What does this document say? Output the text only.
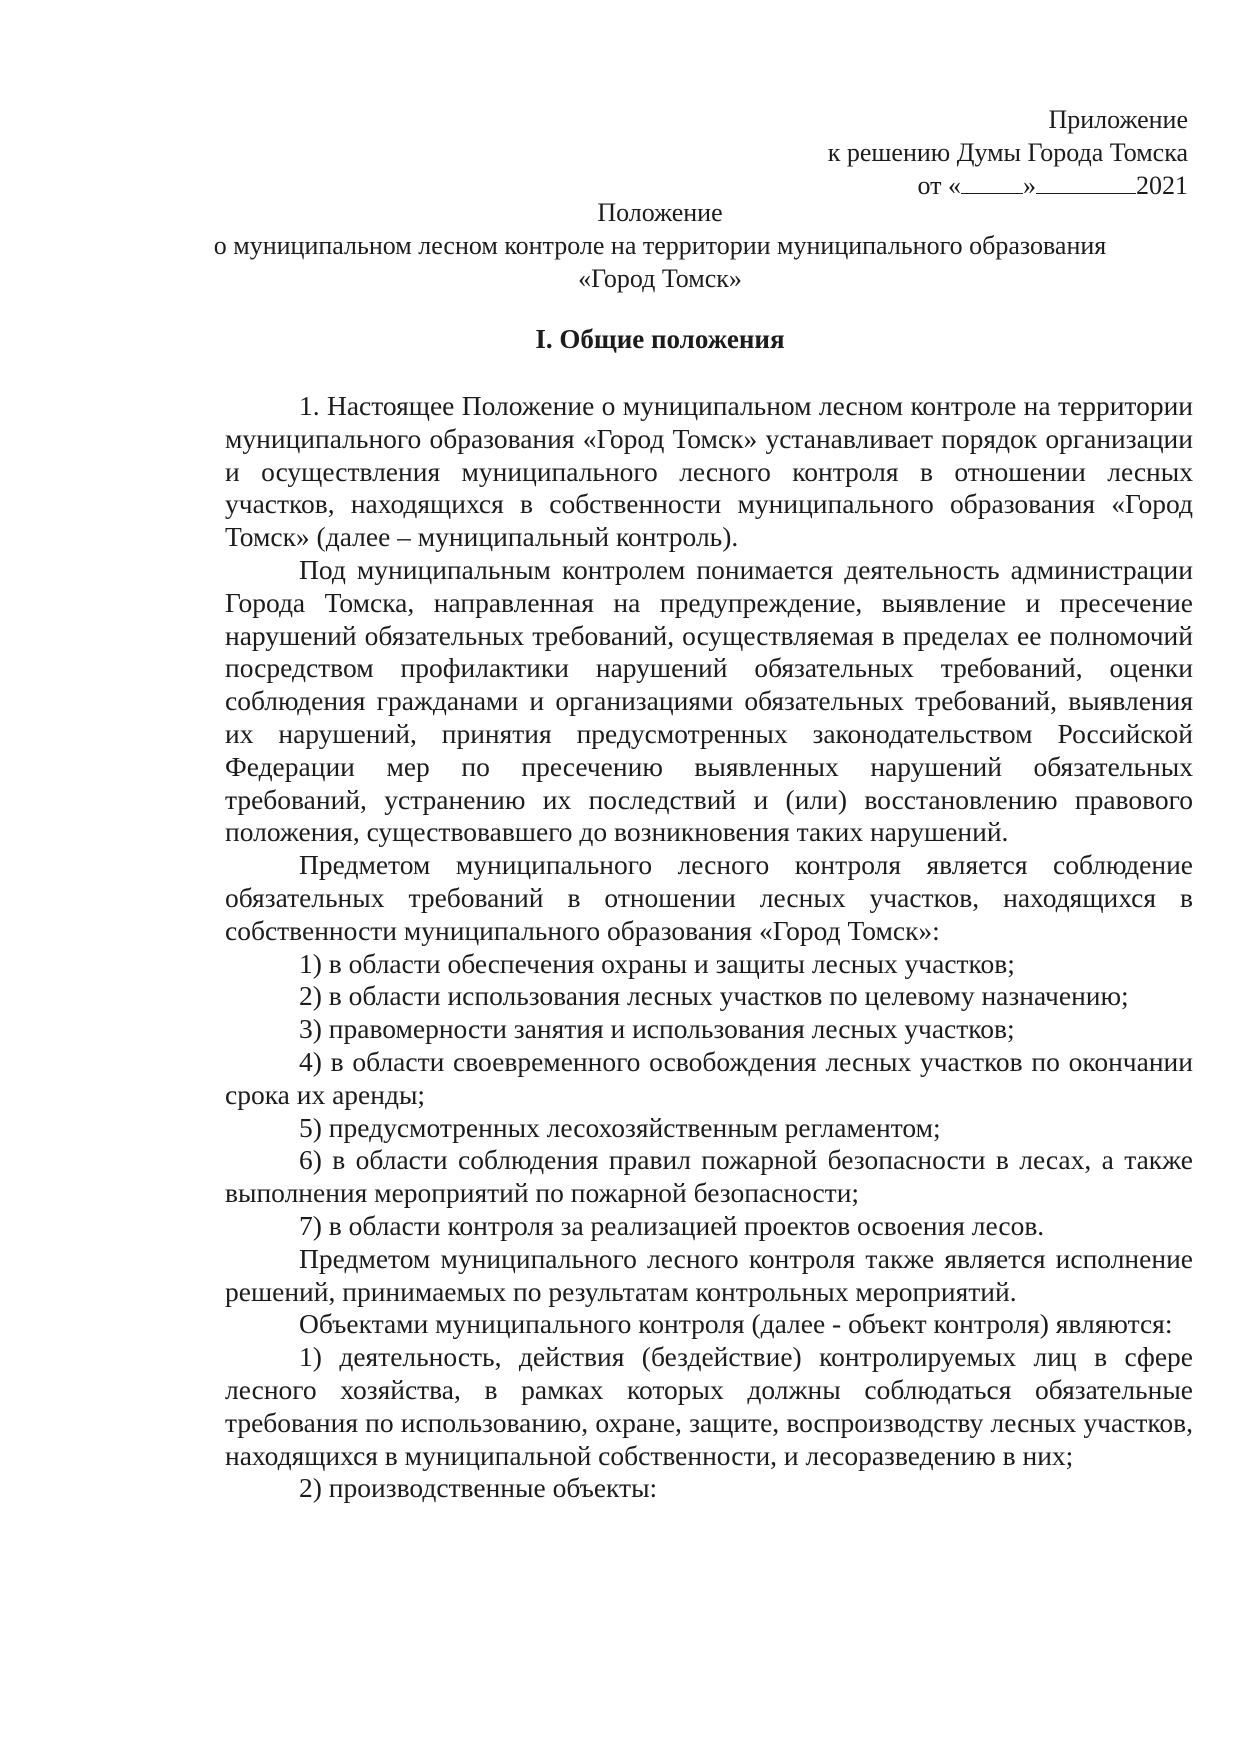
Приложение
к решению Думы Города Томска
от « »	2021
Положение
о муниципальном лесном контроле на территории муниципального образования
«Город Томск»
I. Общие положения

1. Настоящее Положение о муниципальном лесном контроле на территории муниципального образования «Город Томск» устанавливает порядок организации и осуществления муниципального лесного контроля в отношении лесных участков, находящихся в собственности муниципального образования «Город Томск» (далее – муниципальный контроль).

Под муниципальным контролем понимается деятельность администрации Города Томска, направленная на предупреждение, выявление и пресечение нарушений обязательных требований, осуществляемая в пределах ее полномочий посредством профилактики нарушений обязательных требований, оценки соблюдения гражданами и организациями обязательных требований, выявления их нарушений, принятия предусмотренных законодательством Российской Федерации мер по пресечению выявленных нарушений обязательных требований, устранению их последствий и (или) восстановлению правового положения, существовавшего до возникновения таких нарушений.

Предметом муниципального лесного контроля является соблюдение обязательных требований в отношении лесных участков, находящихся в собственности муниципального образования «Город Томск»:

1) в области обеспечения охраны и защиты лесных участков;

2) в области использования лесных участков по целевому назначению;

3) правомерности занятия и использования лесных участков;

4) в области своевременного освобождения лесных участков по окончании срока их аренды;

5) предусмотренных лесохозяйственным регламентом;

6) в области соблюдения правил пожарной безопасности в лесах, а также выполнения мероприятий по пожарной безопасности;

7) в области контроля за реализацией проектов освоения лесов.

Предметом муниципального лесного контроля также является исполнение решений, принимаемых по результатам контрольных мероприятий.

Объектами муниципального контроля (далее - объект контроля) являются:

1) деятельность, действия (бездействие) контролируемых лиц в сфере лесного хозяйства, в рамках которых должны соблюдаться обязательные требования по использованию, охране, защите, воспроизводству лесных участков, находящихся в муниципальной собственности, и лесоразведению в них;

2) производственные объекты:
